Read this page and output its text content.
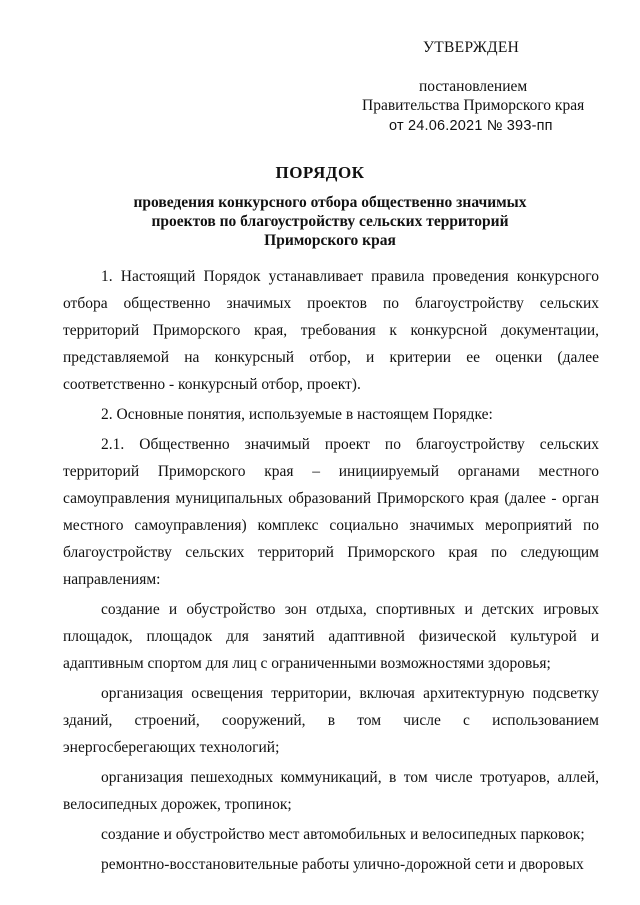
УТВЕРЖДЕН
постановлением
Правительства Приморского края
от 24.06.2021 № 393-пп
ПОРЯДОК
проведения конкурсного отбора общественно значимых проектов по благоустройству сельских территорий Приморского края

1. Настоящий Порядок устанавливает правила проведения конкурсного отбора общественно значимых проектов по благоустройству сельских территорий Приморского края, требования к конкурсной документации, представляемой на конкурсный отбор, и критерии ее оценки (далее соответственно - конкурсный отбор, проект).

2. Основные понятия, используемые в настоящем Порядке:

2.1. Общественно значимый проект по благоустройству сельских территорий Приморского края – инициируемый органами местного самоуправления муниципальных образований Приморского края (далее - орган местного самоуправления) комплекс социально значимых мероприятий по благоустройству сельских территорий Приморского края по следующим направлениям:

создание и обустройство зон отдыха, спортивных и детских игровых площадок, площадок для занятий адаптивной физической культурой и адаптивным спортом для лиц с ограниченными возможностями здоровья;

организация освещения территории, включая архитектурную подсветку зданий, строений, сооружений, в том числе с использованием энергосберегающих технологий;

организация пешеходных коммуникаций, в том числе тротуаров, аллей, велосипедных дорожек, тропинок;

создание и обустройство мест автомобильных и велосипедных парковок;

ремонтно-восстановительные работы улично-дорожной сети и дворовых
